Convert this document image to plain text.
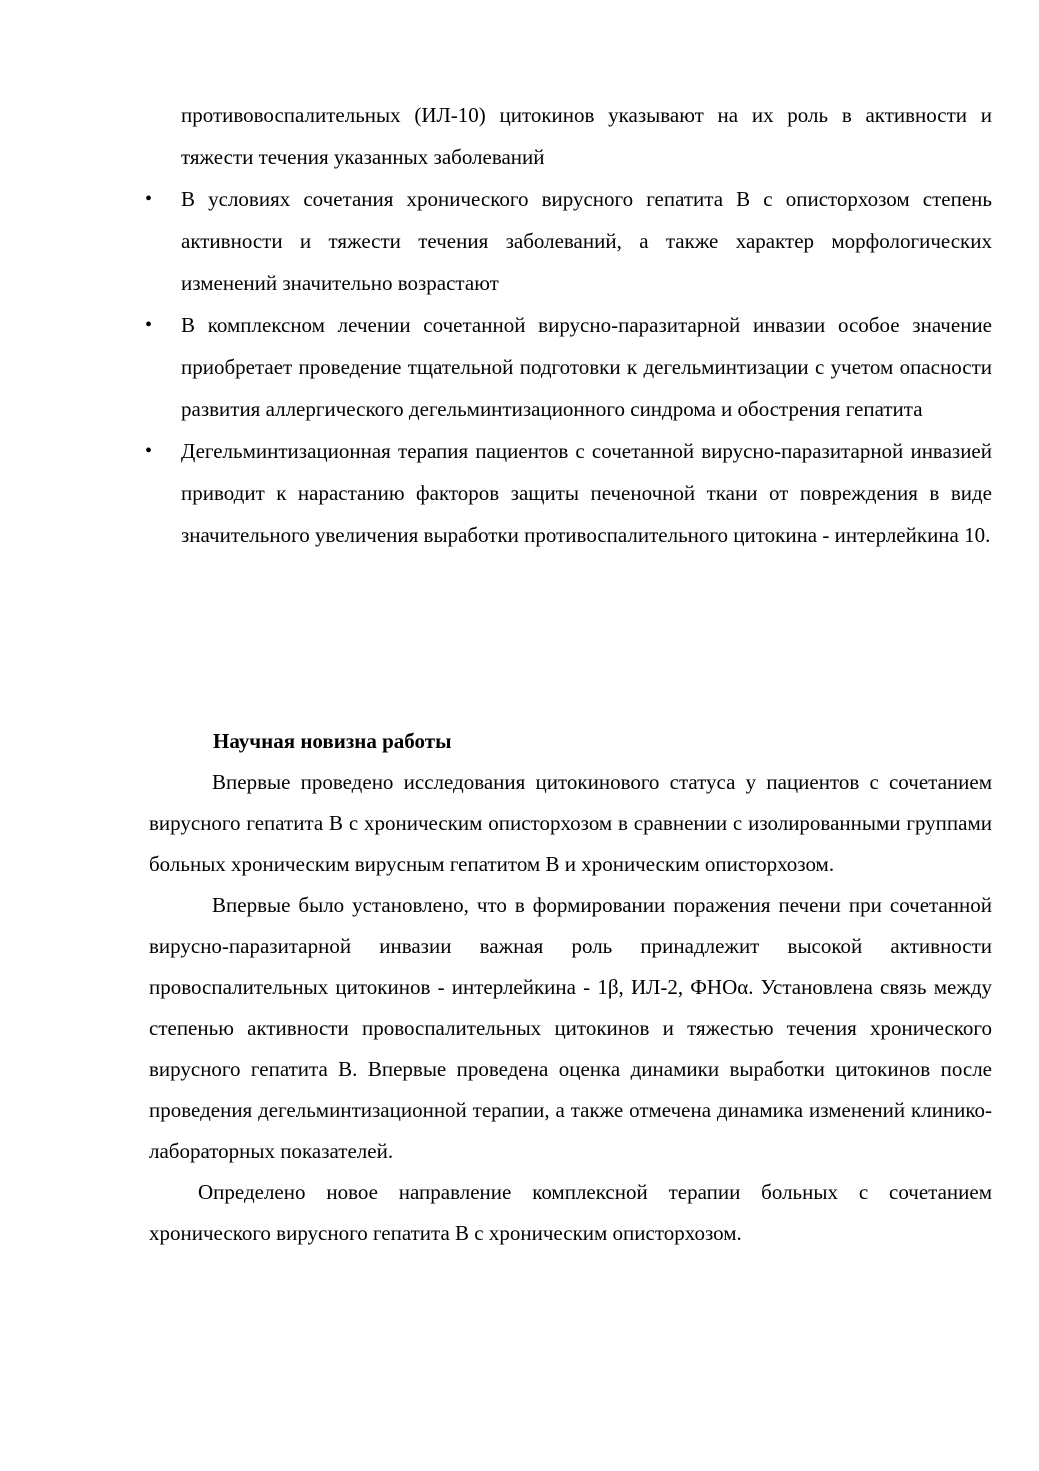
противовоспалительных (ИЛ-10) цитокинов указывают на их роль в активности и тяжести течения указанных заболеваний
• В условиях сочетания хронического вирусного гепатита В с описторхозом степень активности и тяжести течения заболеваний, а также характер морфологических изменений значительно возрастают
• В комплексном лечении сочетанной вирусно-паразитарной инвазии особое значение приобретает проведение тщательной подготовки к дегельминтизации с учетом опасности развития аллергического дегельминтизационного синдрома и обострения гепатита
• Дегельминтизационная терапия пациентов с сочетанной вирусно-паразитарной инвазией приводит к нарастанию факторов защиты печеночной ткани от повреждения в виде значительного увеличения выработки противоспалительного цитокина - интерлейкина 10.

Научная новизна работы

Впервые проведено исследования цитокинового статуса у пациентов с сочетанием вирусного гепатита В с хроническим описторхозом в сравнении с изолированными группами больных хроническим вирусным гепатитом В и хроническим описторхозом.

Впервые было установлено, что в формировании поражения печени при сочетанной вирусно-паразитарной инвазии важная роль принадлежит высокой активности провоспалительных цитокинов - интерлейкина - 1β, ИЛ-2, ФНОα. Установлена связь между степенью активности провоспалительных цитокинов и тяжестью течения хронического вирусного гепатита В. Впервые проведена оценка динамики выработки цитокинов после проведения дегельминтизационной терапии, а также отмечена динамика изменений клинико-лабораторных показателей.

Определено новое направление комплексной терапии больных с сочетанием хронического вирусного гепатита В с хроническим описторхозом.
